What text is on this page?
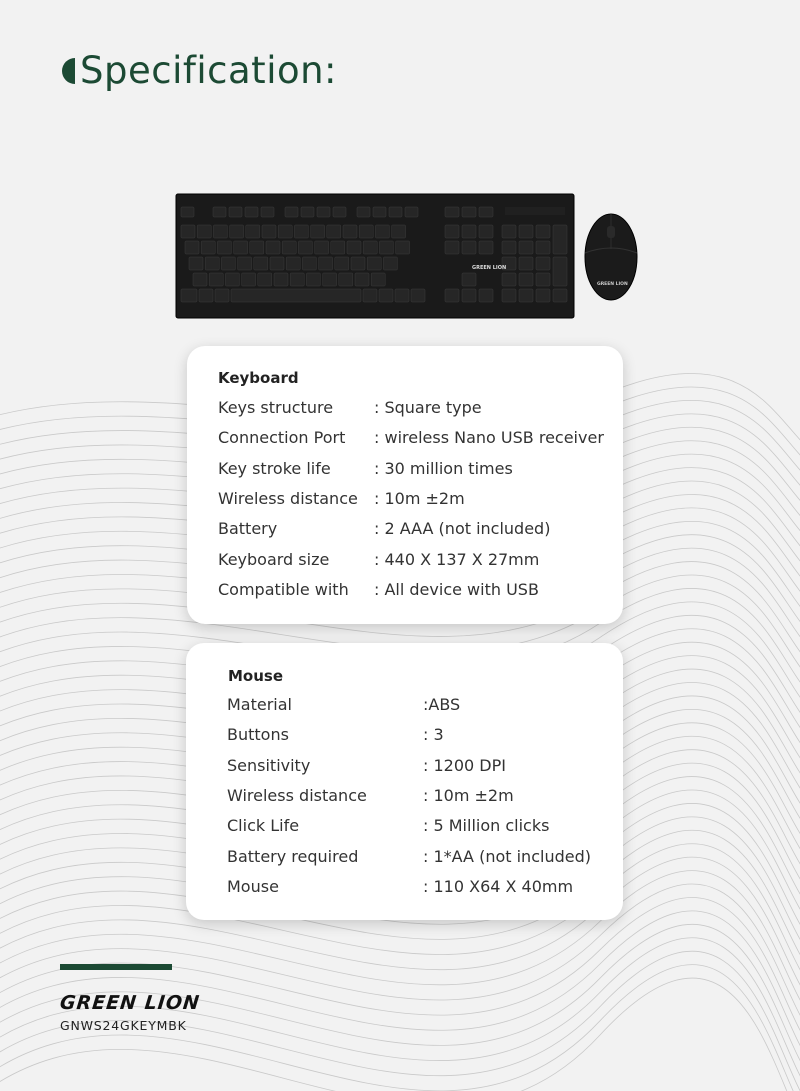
Specification:
GREEN LION
GREEN LION
Keyboard
Keys structure	: Square type
Connection Port : wireless Nano USB receiver
Key stroke life	: 30 million times
Wireless distance : 10m ±2m
Battery	: 2 AAA (not included)
Keyboard size	: 440 X 137 X 27mm
Compatible with : All device with USB
Mouse
Material	:ABS
Buttons	: 3
Sensitivity	: 1200 DPI
Wireless distance	: 10m ±2m
Click Life	: 5 Million clicks
Battery required	: 1*AA (not included)
Mouse	: 110 X64 X 40mm
GREEN LION
GNWS24GKEYMBK
